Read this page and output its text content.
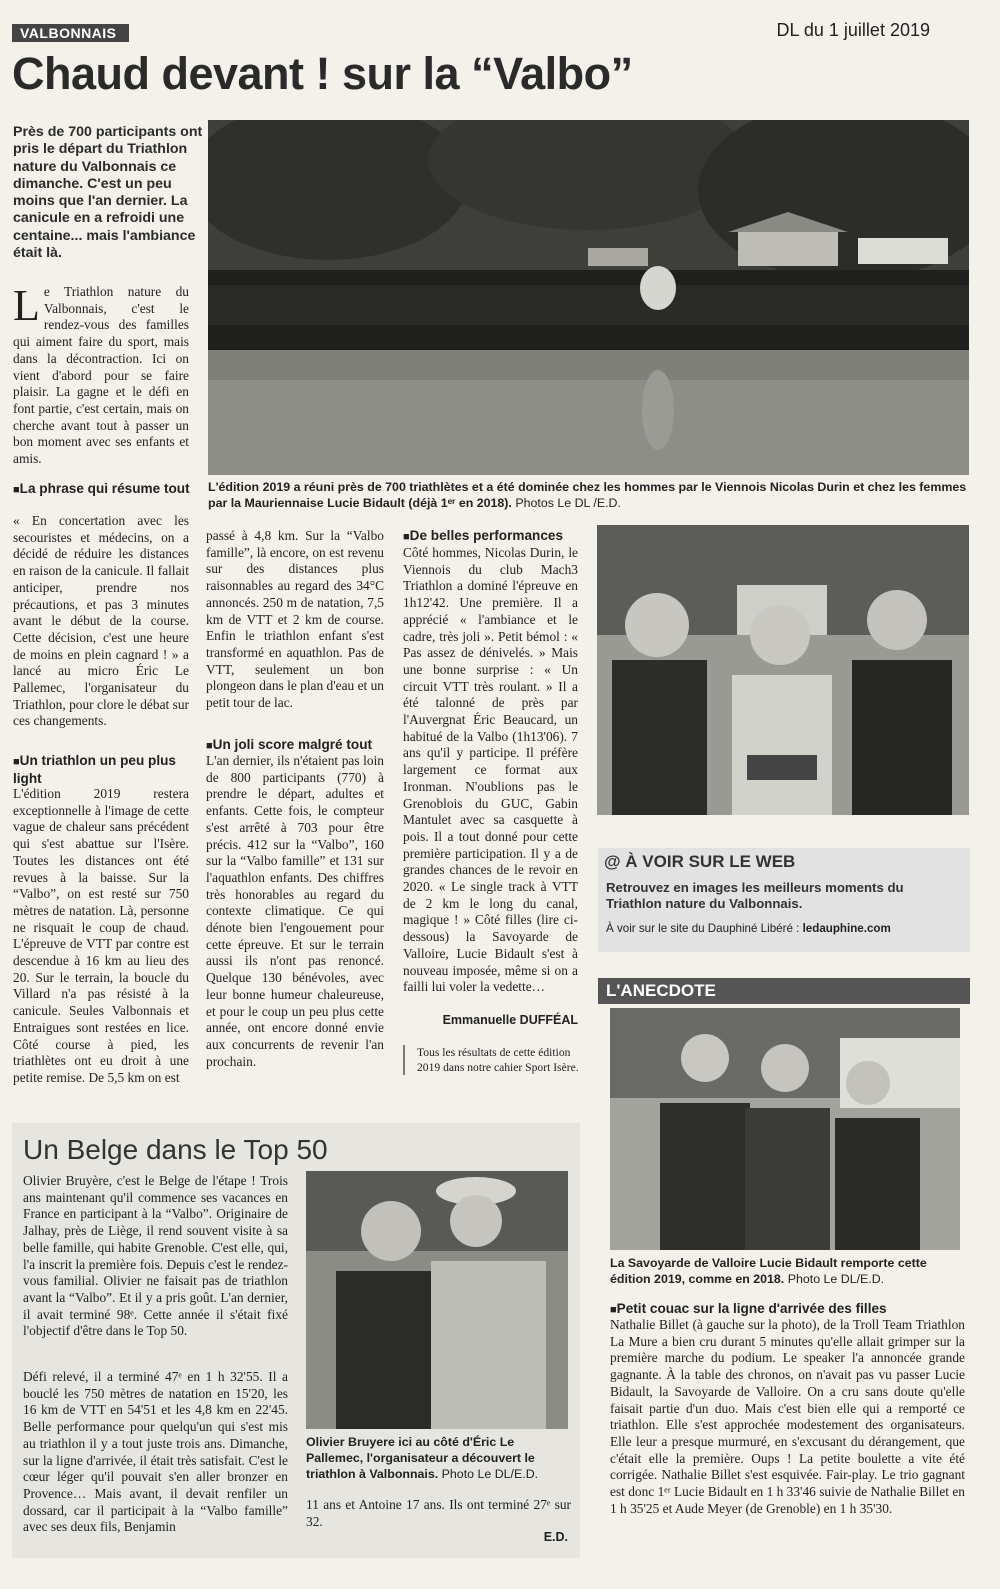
VALBONNAIS	DL du 1 juillet 2019
Chaud devant ! sur la “Valbo”
Près de 700 participants ont pris le départ du Triathlon nature du Valbonnais ce dimanche. C'est un peu moins que l'an dernier. La canicule en a refroidi une centaine... mais l'ambiance était là.
Le Triathlon nature du Valbonnais, c'est le rendez-vous des familles qui aiment faire du sport, mais dans la décontraction. Ici on vient d'abord pour se faire plaisir. La gagne et le défi en font partie, c'est certain, mais on cherche avant tout à passer un bon moment avec ses enfants et amis.
L'édition 2019 a réuni près de 700 triathlètes et a été dominée chez les hommes par le Viennois Nicolas Durin et chez les femmes par la Mauriennaise Lucie Bidault (déjà 1ᵉʳ en 2018). Photos Le DL /E.D.
■ La phrase qui résume tout
« En concertation avec les secouristes et médecins, on a décidé de réduire les distances en raison de la canicule. Il fallait anticiper, prendre nos précautions, et pas 3 minutes avant le début de la course. Cette décision, c'est une heure de moins en plein cagnard ! » a lancé au micro Éric Le Pallemec, l'organisateur du Triathlon, pour clore le débat sur ces changements.
■ Un triathlon un peu plus light
L'édition 2019 restera exceptionnelle à l'image de cette vague de chaleur sans précédent qui s'est abattue sur l'Isère. Toutes les distances ont été revues à la baisse. Sur la “Valbo”, on est resté sur 750 mètres de natation. Là, personne ne risquait le coup de chaud. L'épreuve de VTT par contre est descendue à 16 km au lieu des 20. Sur le terrain, la boucle du Villard n'a pas résisté à la canicule. Seules Valbonnais et Entraigues sont restées en lice. Côté course à pied, les triathlètes ont eu droit à une petite remise. De 5,5 km on est
passé à 4,8 km. Sur la “Valbo famille”, là encore, on est revenu sur des distances plus raisonnables au regard des 34°C annoncés. 250 m de natation, 7,5 km de VTT et 2 km de course. Enfin le triathlon enfant s'est transformé en aquathlon. Pas de VTT, seulement un bon plongeon dans le plan d'eau et un petit tour de lac.
■ Un joli score malgré tout
L'an dernier, ils n'étaient pas loin de 800 participants (770) à prendre le départ, adultes et enfants. Cette fois, le compteur s'est arrêté à 703 pour être précis. 412 sur la “Valbo”, 160 sur la “Valbo famille” et 131 sur l'aquathlon enfants. Des chiffres très honorables au regard du contexte climatique. Ce qui dénote bien l'engouement pour cette épreuve. Et sur le terrain aussi ils n'ont pas renoncé. Quelque 130 bénévoles, avec leur bonne humeur chaleureuse, et pour le coup un peu plus cette année, ont encore donné envie aux concurrents de revenir l'an prochain.
■ De belles performances
Côté hommes, Nicolas Durin, le Viennois du club Mach3 Triathlon a dominé l'épreuve en 1h12'42. Une première. Il a apprécié « l'ambiance et le cadre, très joli ». Petit bémol : « Pas assez de dénivelés. » Mais une bonne surprise : « Un circuit VTT très roulant. » Il a été talonné de près par l'Auvergnat Éric Beaucard, un habitué de la Valbo (1h13'06). 7 ans qu'il y participe. Il préfère largement ce format aux Ironman. N'oublions pas le Grenoblois du GUC, Gabin Mantulet avec sa casquette à pois. Il a tout donné pour cette première participation. Il y a de grandes chances de le revoir en 2020. « Le single track à VTT de 2 km le long du canal, magique ! » Côté filles (lire ci-dessous) la Savoyarde de Valloire, Lucie Bidault s'est à nouveau imposée, même si on a failli lui voler la vedette…
Emmanuelle DUFFÉAL
Tous les résultats de cette édition 2019 dans notre cahier Sport Isère.
@ À VOIR SUR LE WEB
Retrouvez en images les meilleurs moments du Triathlon nature du Valbonnais.
À voir sur le site du Dauphiné Libéré : ledauphine.com
L'ANECDOTE
La Savoyarde de Valloire Lucie Bidault remporte cette édition 2019, comme en 2018. Photo Le DL/E.D.
■ Petit couac sur la ligne d'arrivée des filles
Nathalie Billet (à gauche sur la photo), de la Troll Team Triathlon La Mure a bien cru durant 5 minutes qu'elle allait grimper sur la première marche du podium. Le speaker l'a annoncée grande gagnante. À la table des chronos, on n'avait pas vu passer Lucie Bidault, la Savoyarde de Valloire. On a cru sans doute qu'elle faisait partie d'un duo. Mais c'est bien elle qui a remporté ce triathlon. Elle s'est approchée modestement des organisateurs. Elle leur a presque murmuré, en s'excusant du dérangement, que c'était elle la première. Oups ! La petite boulette a vite été corrigée. Nathalie Billet s'est esquivée. Fair-play. Le trio gagnant est donc 1ᵉʳ Lucie Bidault en 1 h 33'46 suivie de Nathalie Billet en 1 h 35'25 et Aude Meyer (de Grenoble) en 1 h 35'30.
Un Belge dans le Top 50
Olivier Bruyère, c'est le Belge de l'étape ! Trois ans maintenant qu'il commence ses vacances en France en participant à la “Valbo”. Originaire de Jalhay, près de Liège, il rend souvent visite à sa belle famille, qui habite Grenoble. C'est elle, qui, l'a inscrit la première fois. Depuis c'est le rendez-vous familial. Olivier ne faisait pas de triathlon avant la “Valbo”. Et il y a pris goût. L'an dernier, il avait terminé 98ᵉ. Cette année il s'était fixé l'objectif d'être dans le Top 50.
Défi relevé, il a terminé 47ᵉ en 1 h 32'55. Il a bouclé les 750 mètres de natation en 15'20, les 16 km de VTT en 54'51 et les 4,8 km en 22'45. Belle performance pour quelqu'un qui s'est mis au triathlon il y a tout juste trois ans. Dimanche, sur la ligne d'arrivée, il était très satisfait. C'est le cœur léger qu'il pouvait s'en aller bronzer en Provence… Mais avant, il devait renfiler un dossard, car il participait à la “Valbo famille” avec ses deux fils, Benjamin
Olivier Bruyere ici au côté d'Éric Le Pallemec, l'organisateur a découvert le triathlon à Valbonnais. Photo Le DL/E.D.
11 ans et Antoine 17 ans. Ils ont terminé 27ᵉ sur 32.
E.D.
